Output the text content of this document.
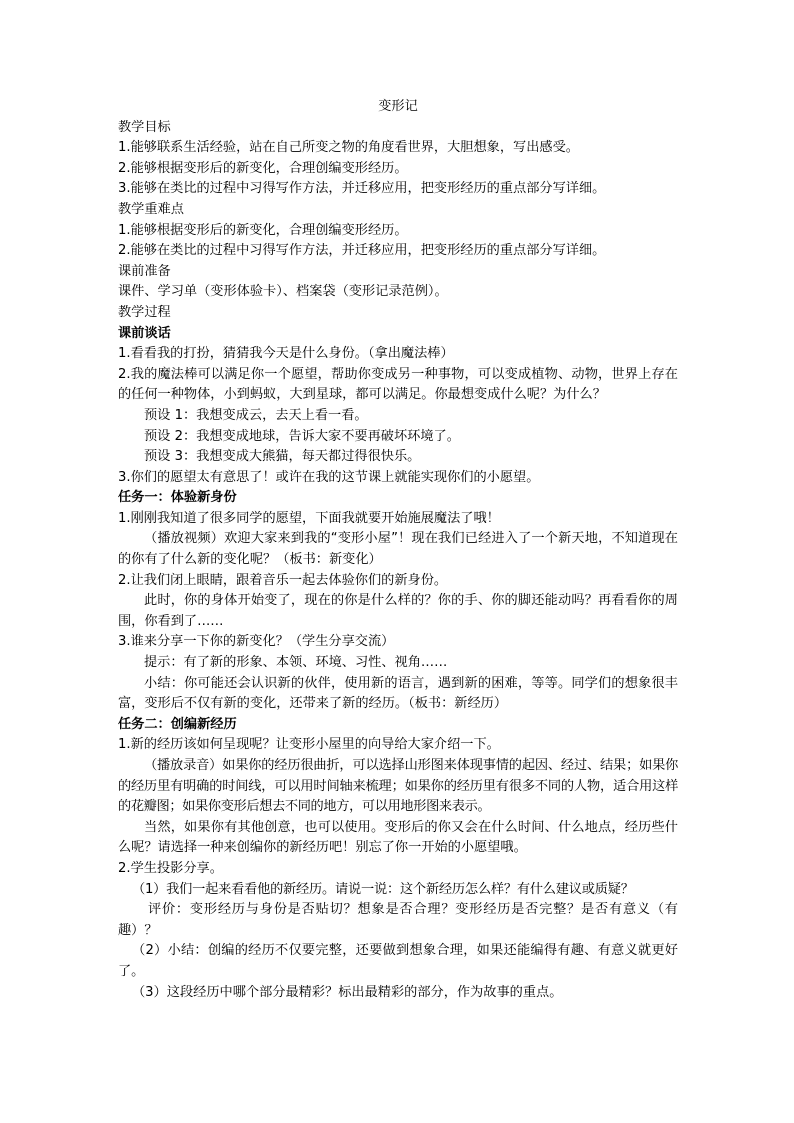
变形记

教学目标

1.能够联系生活经验，站在自己所变之物的角度看世界，大胆想象，写出感受。

2.能够根据变形后的新变化，合理创编变形经历。

3.能够在类比的过程中习得写作方法，并迁移应用，把变形经历的重点部分写详细。

教学重难点

1.能够根据变形后的新变化，合理创编变形经历。

2.能够在类比的过程中习得写作方法，并迁移应用，把变形经历的重点部分写详细。

课前准备

课件、学习单（变形体验卡）、档案袋（变形记录范例）。

教学过程

课前谈话

1.看看我的打扮，猜猜我今天是什么身份。（拿出魔法棒）

2.我的魔法棒可以满足你一个愿望，帮助你变成另一种事物，可以变成植物、动物，世界上存在的任何一种物体，小到蚂蚁，大到星球，都可以满足。你最想变成什么呢？为什么？

预设 1：我想变成云，去天上看一看。

预设 2：我想变成地球，告诉大家不要再破坏环境了。

预设 3：我想变成大熊猫，每天都过得很快乐。

3.你们的愿望太有意思了！或许在我的这节课上就能实现你们的小愿望。

任务一：体验新身份

1.刚刚我知道了很多同学的愿望，下面我就要开始施展魔法了哦！

（播放视频）欢迎大家来到我的“变形小屋”！现在我们已经进入了一个新天地，不知道现在的你有了什么新的变化呢？（板书：新变化）

2.让我们闭上眼睛，跟着音乐一起去体验你们的新身份。

此时，你的身体开始变了，现在的你是什么样的？你的手、你的脚还能动吗？再看看你的周围，你看到了……

3.谁来分享一下你的新变化？（学生分享交流）

提示：有了新的形象、本领、环境、习性、视角……

小结：你可能还会认识新的伙伴，使用新的语言，遇到新的困难，等等。同学们的想象很丰富，变形后不仅有新的变化，还带来了新的经历。（板书：新经历）

任务二：创编新经历

1.新的经历该如何呈现呢？让变形小屋里的向导给大家介绍一下。

（播放录音）如果你的经历很曲折，可以选择山形图来体现事情的起因、经过、结果；如果你的经历里有明确的时间线，可以用时间轴来梳理；如果你的经历里有很多不同的人物，适合用这样的花瓣图；如果你变形后想去不同的地方，可以用地形图来表示。

当然，如果你有其他创意，也可以使用。变形后的你又会在什么时间、什么地点，经历些什么呢？请选择一种来创编你的新经历吧！别忘了你一开始的小愿望哦。

2.学生投影分享。

（1）我们一起来看看他的新经历。请说一说：这个新经历怎么样？有什么建议或质疑？

评价：变形经历与身份是否贴切？想象是否合理？变形经历是否完整？是否有意义（有趣）？

（2）小结：创编的经历不仅要完整，还要做到想象合理，如果还能编得有趣、有意义就更好了。

（3）这段经历中哪个部分最精彩？标出最精彩的部分，作为故事的重点。
